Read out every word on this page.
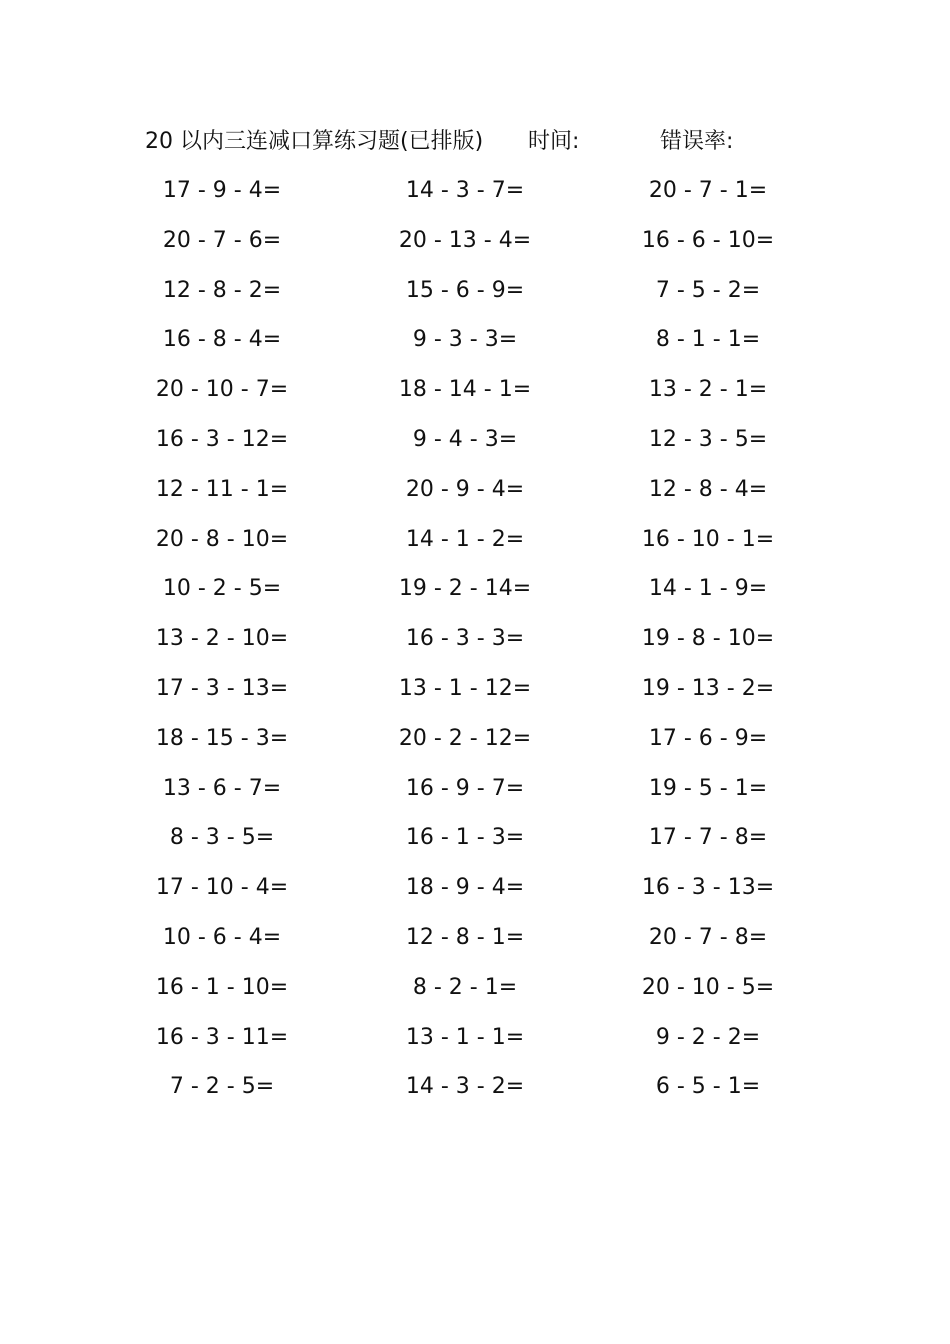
20 以内三连减口算练习题(已排版) 时间:	错误率:
17 - 9 - 4=	14 - 3 - 7=	20 - 7 - 1=
20 - 7 - 6=	20 - 13 - 4=	16 - 6 - 10=
12 - 8 - 2=	15 - 6 - 9=	7 - 5 - 2=
16 - 8 - 4=	9 - 3 - 3=	8 - 1 - 1=
20 - 10 - 7=	18 - 14 - 1=	13 - 2 - 1=
16 - 3 - 12=	9 - 4 - 3=	12 - 3 - 5=
12 - 11 - 1=	20 - 9 - 4=	12 - 8 - 4=
20 - 8 - 10=	14 - 1 - 2=	16 - 10 - 1=
10 - 2 - 5=	19 - 2 - 14=	14 - 1 - 9=
13 - 2 - 10=	16 - 3 - 3=	19 - 8 - 10=
17 - 3 - 13=	13 - 1 - 12=	19 - 13 - 2=
18 - 15 - 3=	20 - 2 - 12=	17 - 6 - 9=
13 - 6 - 7=	16 - 9 - 7=	19 - 5 - 1=
8 - 3 - 5=	16 - 1 - 3=	17 - 7 - 8=
17 - 10 - 4=	18 - 9 - 4=	16 - 3 - 13=
10 - 6 - 4=	12 - 8 - 1=	20 - 7 - 8=
16 - 1 - 10=	8 - 2 - 1=	20 - 10 - 5=
16 - 3 - 11=	13 - 1 - 1=	9 - 2 - 2=
7 - 2 - 5=	14 - 3 - 2=	6 - 5 - 1=
